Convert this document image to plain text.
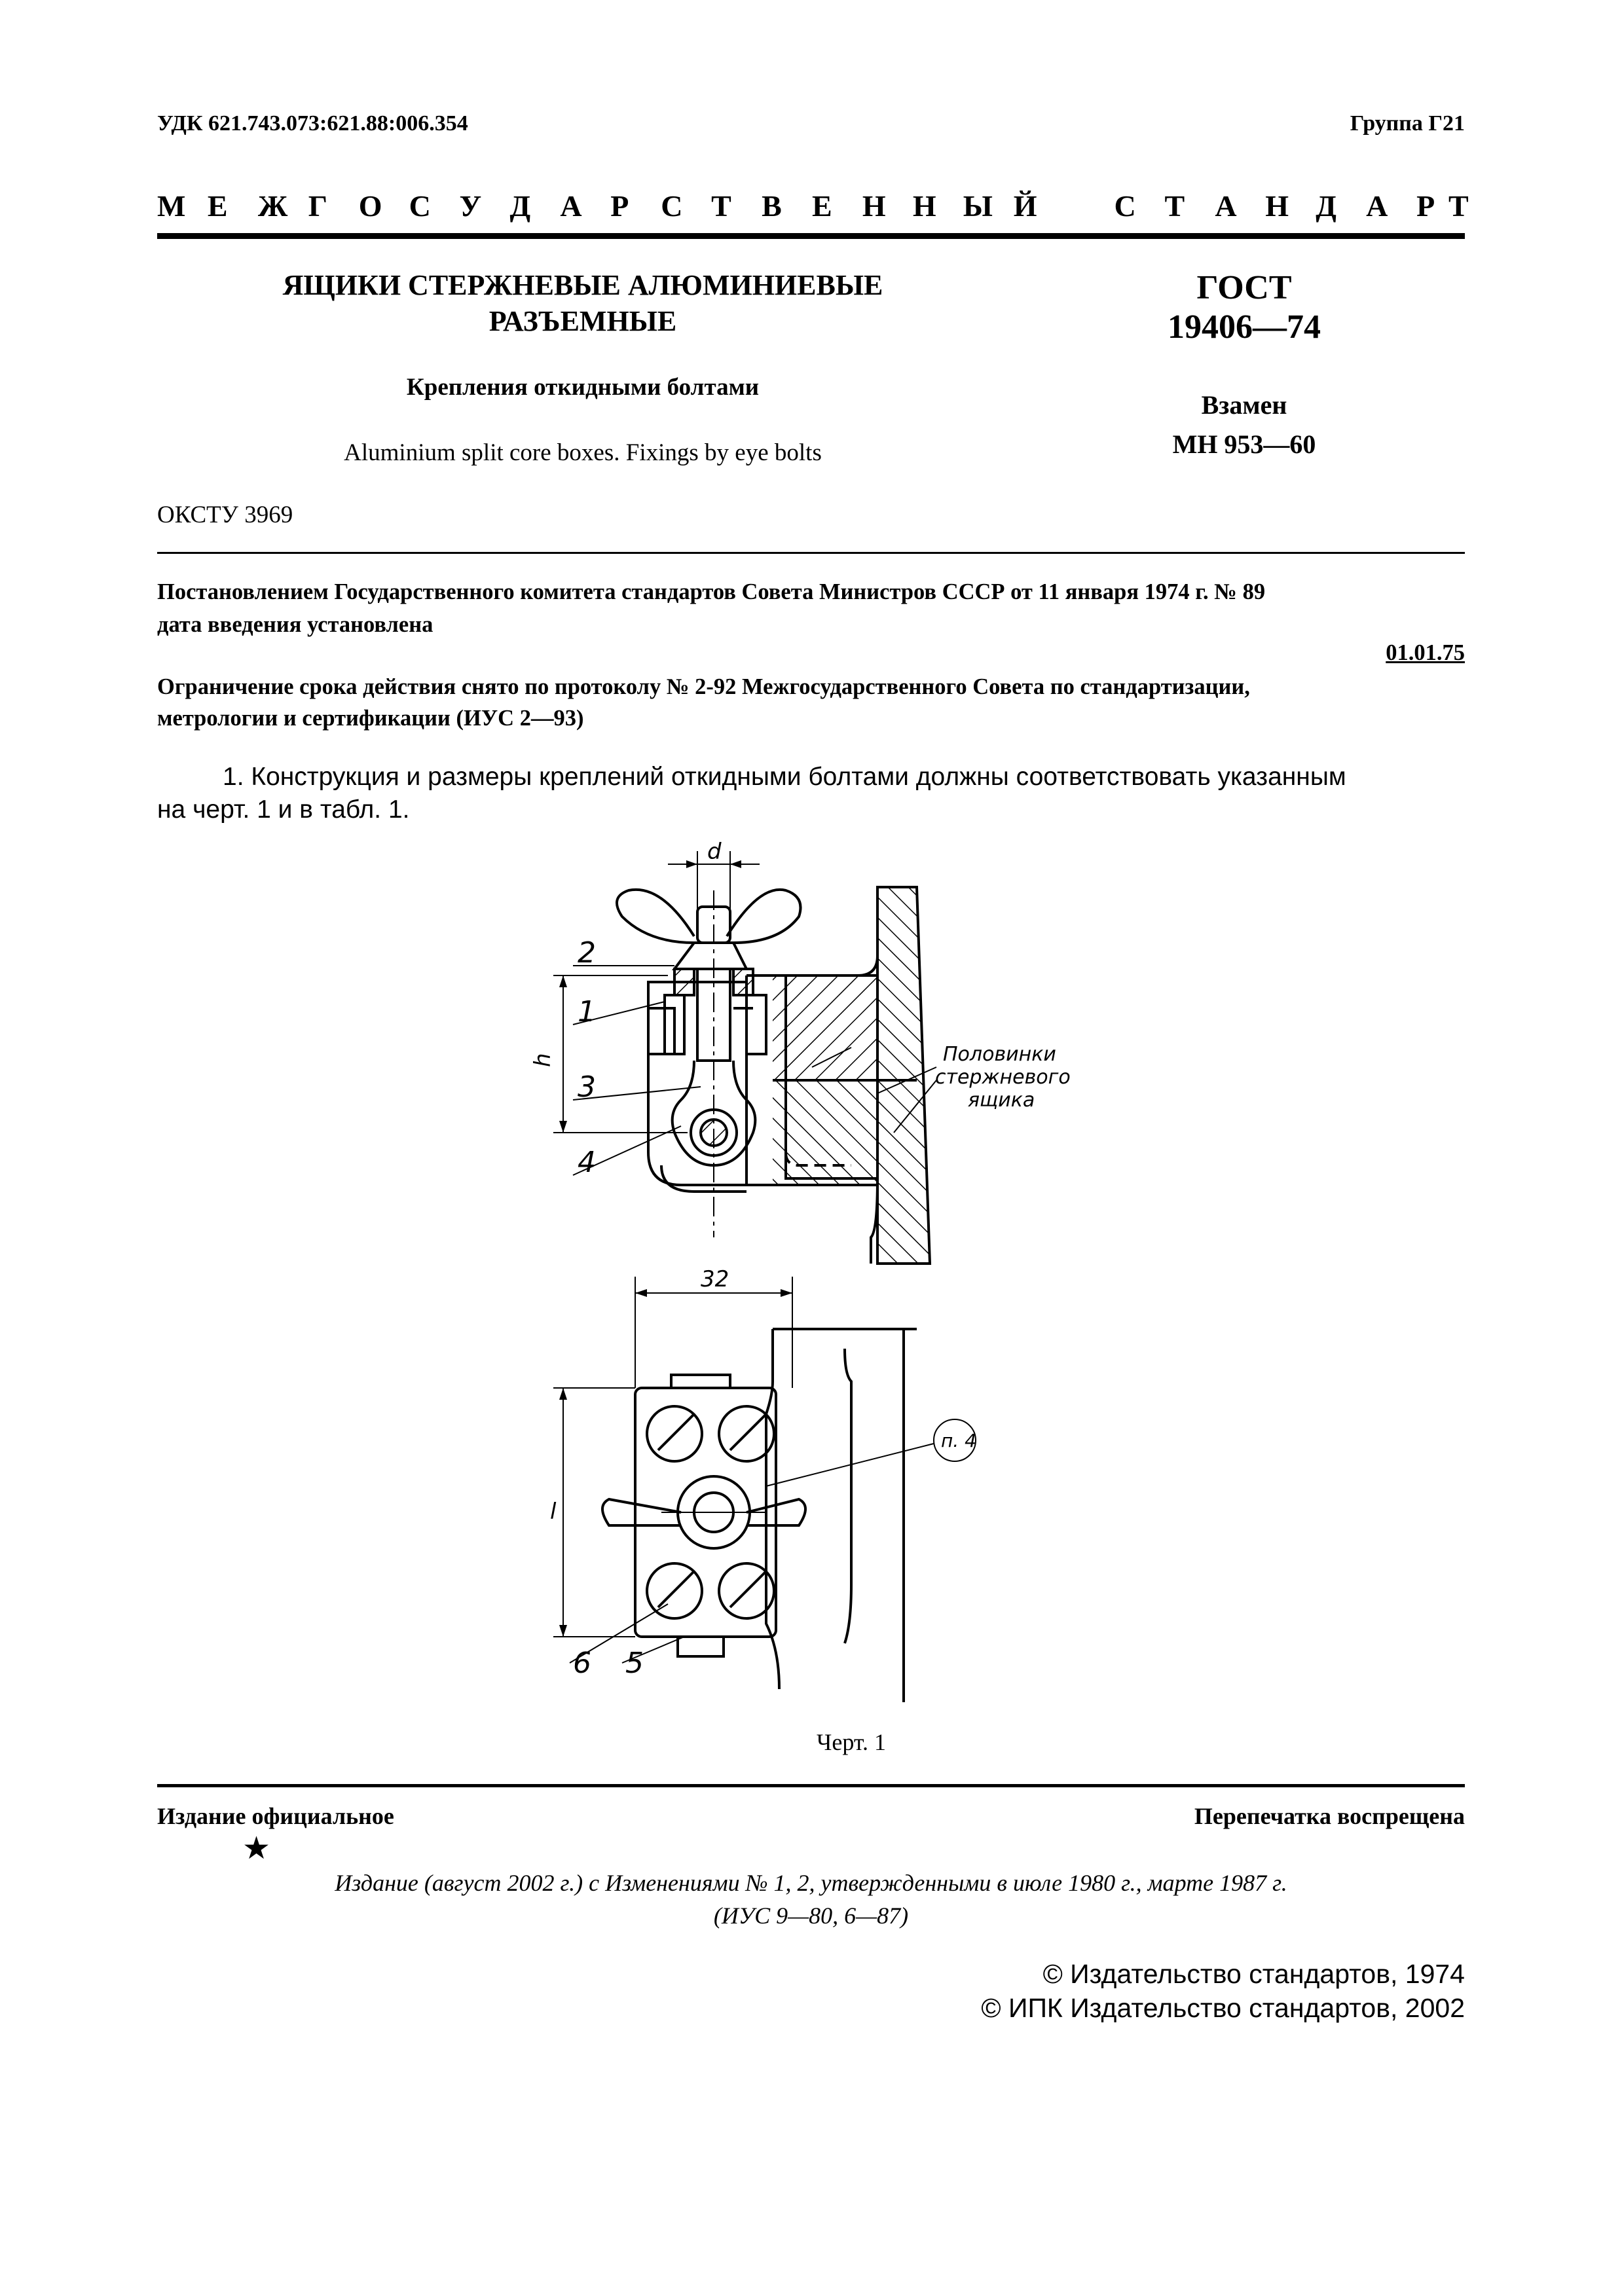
УДК 621.743.073:621.88:006.354	Группа Г21
М Е Ж Г О С У Д А Р С Т В Е Н Н Ы Й	С Т А Н Д А Р Т
ЯЩИКИ СТЕРЖНЕВЫЕ АЛЮМИНИЕВЫЕ
РАЗЪЕМНЫЕ
Крепления откидными болтами
Aluminium split core boxes. Fixings by eye bolts
ОКСТУ 3969
ГОСТ
19406—74
Взамен
МН 953—60
Постановлением Государственного комитета стандартов Совета Министров СССР от 11 января 1974 г. № 89
дата введения установлена
01.01.75
Ограничение срока действия снято по протоколу № 2-92 Межгосударственного Совета по стандартизации,
метрологии и сертификации (ИУС 2—93)
1. Конструкция и размеры креплений откидными болтами должны соответствовать указанным
на черт. 1 и в табл. 1.
d
2
1
h
3
4
Половинки
стержневого
ящика
32
l
п. 4
6 5
Черт. 1
Издание официальное	Перепечатка воспрещена
★
Издание (август 2002 г.) с Изменениями № 1, 2, утвержденными в июле 1980 г., марте 1987 г.
(ИУС 9—80, 6—87)
© Издательство стандартов, 1974
© ИПК Издательство стандартов, 2002
